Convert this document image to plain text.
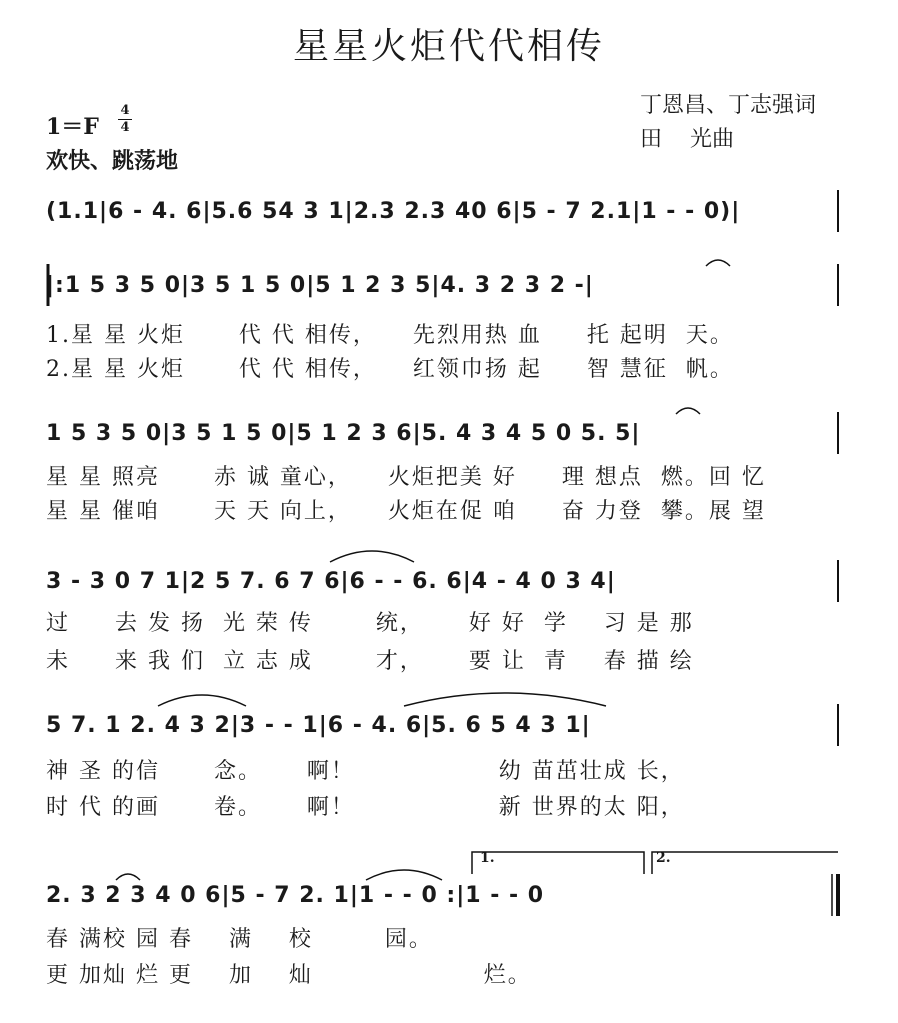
星星火炬代代相传
丁恩昌、丁志强词
田    光曲
1＝F
4
4
欢快、跳荡地

(1.1|6 - 4. 6|5.6 54 3 1|2.3 2.3 40 6|5 - 7 2.1|1 - - 0)|

|:1 5 3 5 0|3 5 1 5 0|5 1 2 3 5|4. 3 2 3 2 -|

1.星 星 火炬      代 代 相传，    先烈用热 血     托 起明  天。
2.星 星 火炬      代 代 相传，    红领巾扬 起     智 慧征  帆。

1 5 3 5 0|3 5 1 5 0|5 1 2 3 6|5. 4 3 4 5 0 5. 5|

星 星 照亮      赤 诚 童心，    火炬把美 好     理 想点  燃。回 忆
星 星 催咱      天 天 向上，    火炬在促 咱     奋 力登  攀。展 望

3 - 3 0 7 1|2 5 7. 6 7 6|6 - - 6. 6|4 - 4 0 3 4|

过     去 发 扬  光 荣 传       统，     好 好  学    习 是 那
未     来 我 们  立 志 成       才，     要 让  青    春 描 绘

5 7. 1 2. 4 3 2|3 - - 1|6 - 4. 6|5. 6 5 4 3 1|

神 圣 的信      念。     啊！                幼 苗茁壮成 长，
时 代 的画      卷。     啊！                新 世界的太 阳，

2. 3 2 3 4 0 6|5 - 7 2. 1|1 - - 0 :|1 - - 0

春 满校 园 春    满    校        园。
更 加灿 烂 更    加    灿                   烂。
1.	2.
